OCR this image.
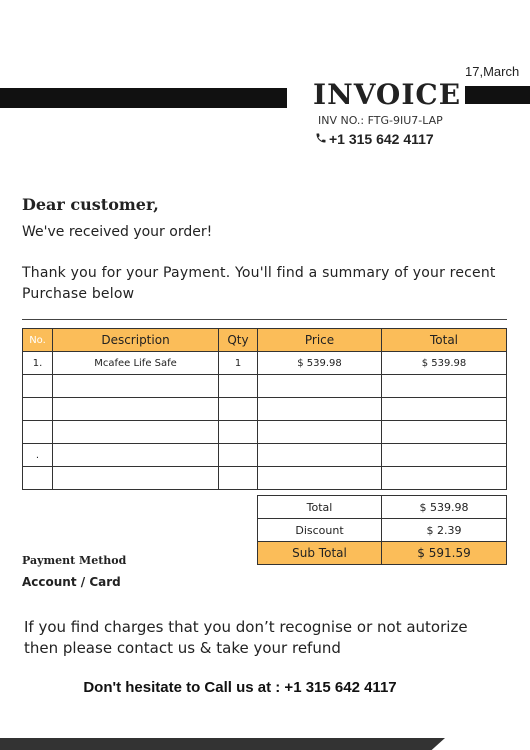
17,March
INVOICE
INV NO.: FTG-9IU7-LAP
+1 315 642 4117
Dear customer,
We've received your order!
Thank you for your Payment. You'll find a summary of your recent Purchase below
No.	Description	Qty	Price	Total
1.	Mcafee Life Safe	1	$ 539.98	$ 539.98

.				

Total	$ 539.98
Discount	$ 2.39
Sub Total	$ 591.59
Payment Method
Account / Card
If you find charges that you don’t recognise or not autorize then please contact us & take your refund
Don't hesitate to Call us at : +1 315 642 4117
